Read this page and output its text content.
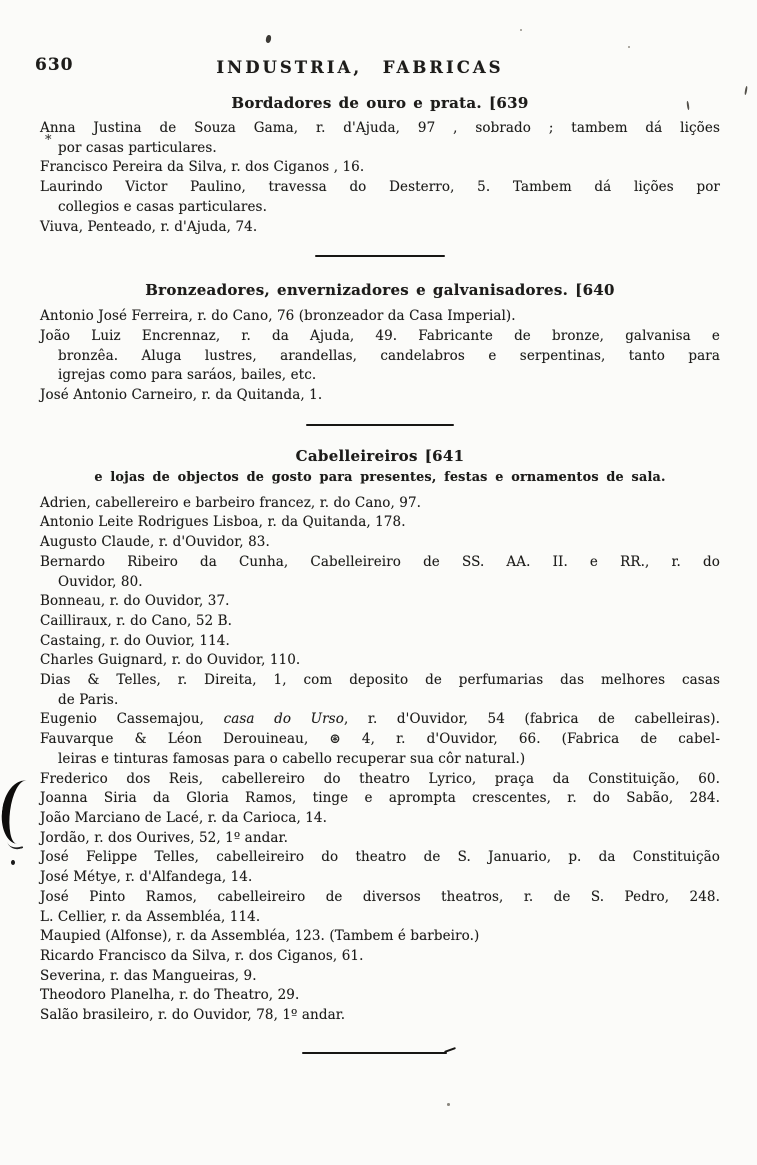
630	INDUSTRIA, FABRICAS
Bordadores de ouro e prata. [639
Anna Justina de Souza Gama, r. d'Ajuda, 97 , sobrado ; tambem dá lições
por casas particulares.
Francisco Pereira da Silva, r. dos Ciganos , 16.
Laurindo Victor Paulino, travessa do Desterro, 5. Tambem dá lições por
collegios e casas particulares.
Viuva, Penteado, r. d'Ajuda, 74.
Bronzeadores, envernizadores e galvanisadores. [640
Antonio José Ferreira, r. do Cano, 76 (bronzeador da Casa Imperial).
João Luiz Encrennaz, r. da Ajuda, 49. Fabricante de bronze, galvanisa e
bronzêa. Aluga lustres, arandellas, candelabros e serpentinas, tanto para
igrejas como para saráos, bailes, etc.
José Antonio Carneiro, r. da Quitanda, 1.
Cabelleireiros [641
e lojas de objectos de gosto para presentes, festas e ornamentos de sala.
Adrien, cabellereiro e barbeiro francez, r. do Cano, 97.
Antonio Leite Rodrigues Lisboa, r. da Quitanda, 178.
Augusto Claude, r. d'Ouvidor, 83.
Bernardo Ribeiro da Cunha, Cabelleireiro de SS. AA. II. e RR., r. do
Ouvidor, 80.
Bonneau, r. do Ouvidor, 37.
Cailliraux, r. do Cano, 52 B.
Castaing, r. do Ouvior, 114.
Charles Guignard, r. do Ouvidor, 110.
Dias & Telles, r. Direita, 1, com deposito de perfumarias das melhores casas
de Paris.
Eugenio Cassemajou, casa do Urso, r. d'Ouvidor, 54 (fabrica de cabelleiras).
Fauvarque & Léon Derouineau, ⊛ 4, r. d'Ouvidor, 66. (Fabrica de cabel-
leiras e tinturas famosas para o cabello recuperar sua côr natural.)
Frederico dos Reis, cabellereiro do theatro Lyrico, praça da Constituição, 60.
Joanna Siria da Gloria Ramos, tinge e aprompta crescentes, r. do Sabão, 284.
João Marciano de Lacé, r. da Carioca, 14.
Jordão, r. dos Ourives, 52, 1º andar.
José Felippe Telles, cabelleireiro do theatro de S. Januario, p. da Constituição
José Métye, r. d'Alfandega, 14.
José Pinto Ramos, cabelleireiro de diversos theatros, r. de S. Pedro, 248.
L. Cellier, r. da Assembléa, 114.
Maupied (Alfonse), r. da Assembléa, 123. (Tambem é barbeiro.)
Ricardo Francisco da Silva, r. dos Ciganos, 61.
Severina, r. das Mangueiras, 9.
Theodoro Planelha, r. do Theatro, 29.
Salão brasileiro, r. do Ouvidor, 78, 1º andar.
*
